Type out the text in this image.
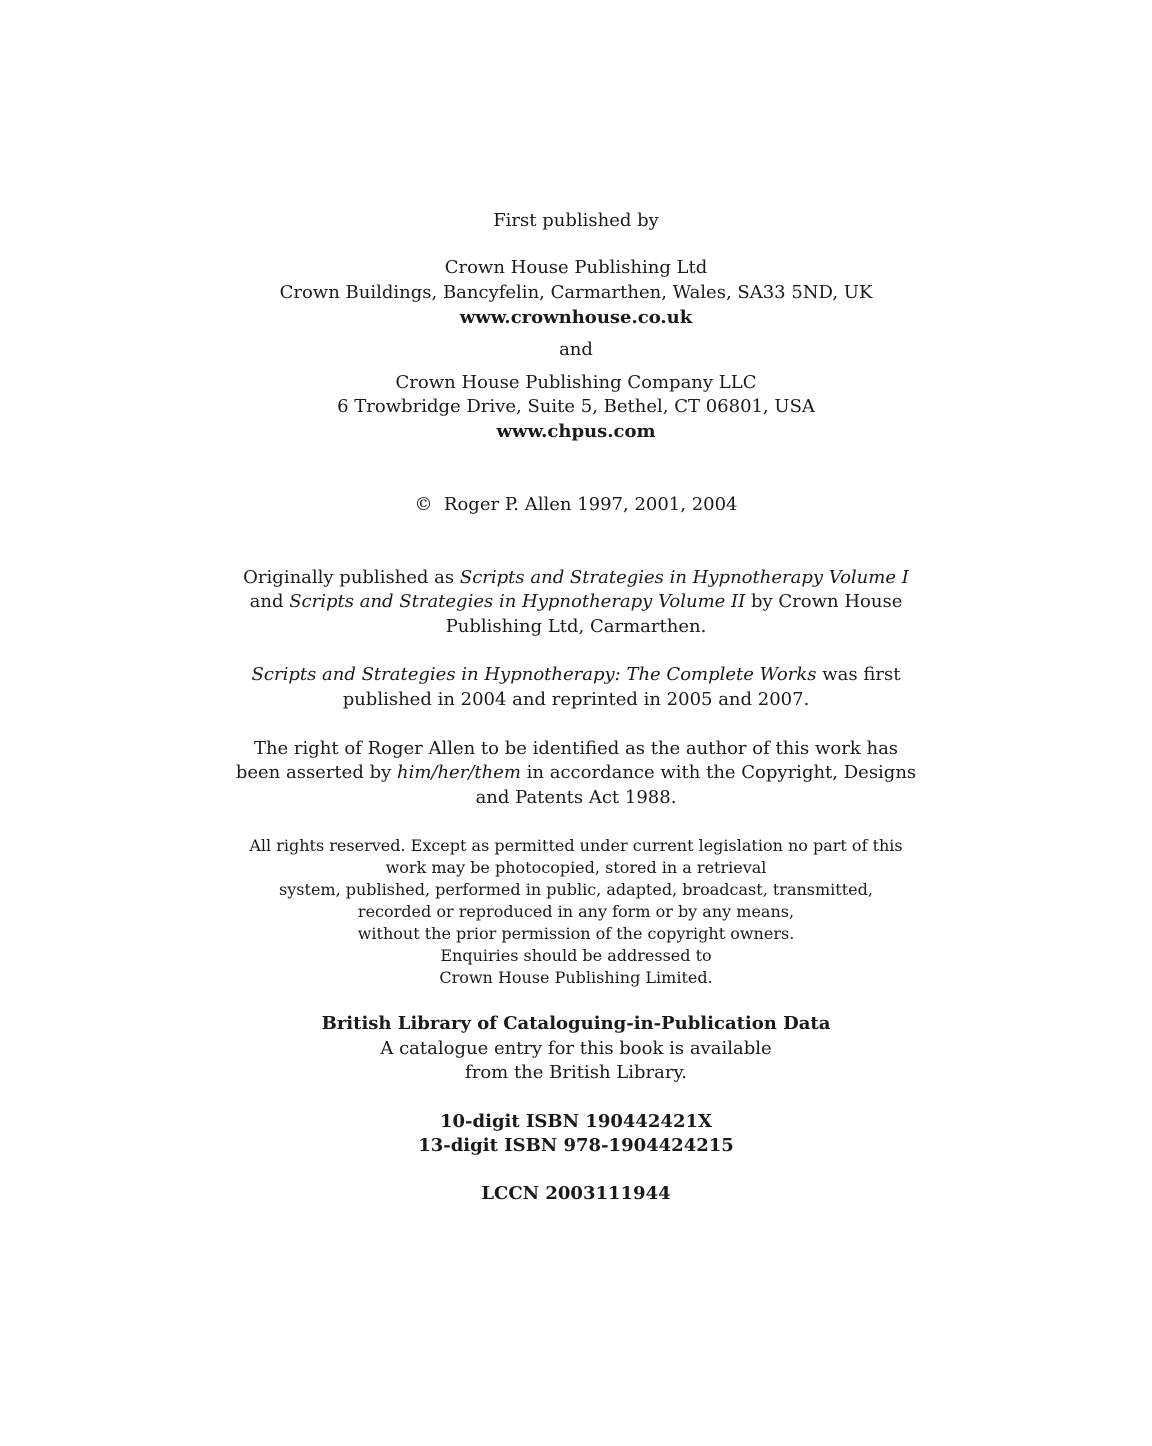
First published by
Crown House Publishing Ltd
Crown Buildings, Bancyfelin, Carmarthen, Wales, SA33 5ND, UK
www.crownhouse.co.uk
and
Crown House Publishing Company LLC
6 Trowbridge Drive, Suite 5, Bethel, CT 06801, USA
www.chpus.com
© Roger P. Allen 1997, 2001, 2004
Originally published as Scripts and Strategies in Hypnotherapy Volume I
and Scripts and Strategies in Hypnotherapy Volume II by Crown House
Publishing Ltd, Carmarthen.
Scripts and Strategies in Hypnotherapy: The Complete Works was first
published in 2004 and reprinted in 2005 and 2007.
The right of Roger Allen to be identified as the author of this work has
been asserted by him/her/them in accordance with the Copyright, Designs
and Patents Act 1988.
All rights reserved. Except as permitted under current legislation no part of this
work may be photocopied, stored in a retrieval
system, published, performed in public, adapted, broadcast, transmitted,
recorded or reproduced in any form or by any means,
without the prior permission of the copyright owners.
Enquiries should be addressed to
Crown House Publishing Limited.
British Library of Cataloguing-in-Publication Data
A catalogue entry for this book is available
from the British Library.
10-digit ISBN 190442421X
13-digit ISBN 978-1904424215
LCCN 2003111944
